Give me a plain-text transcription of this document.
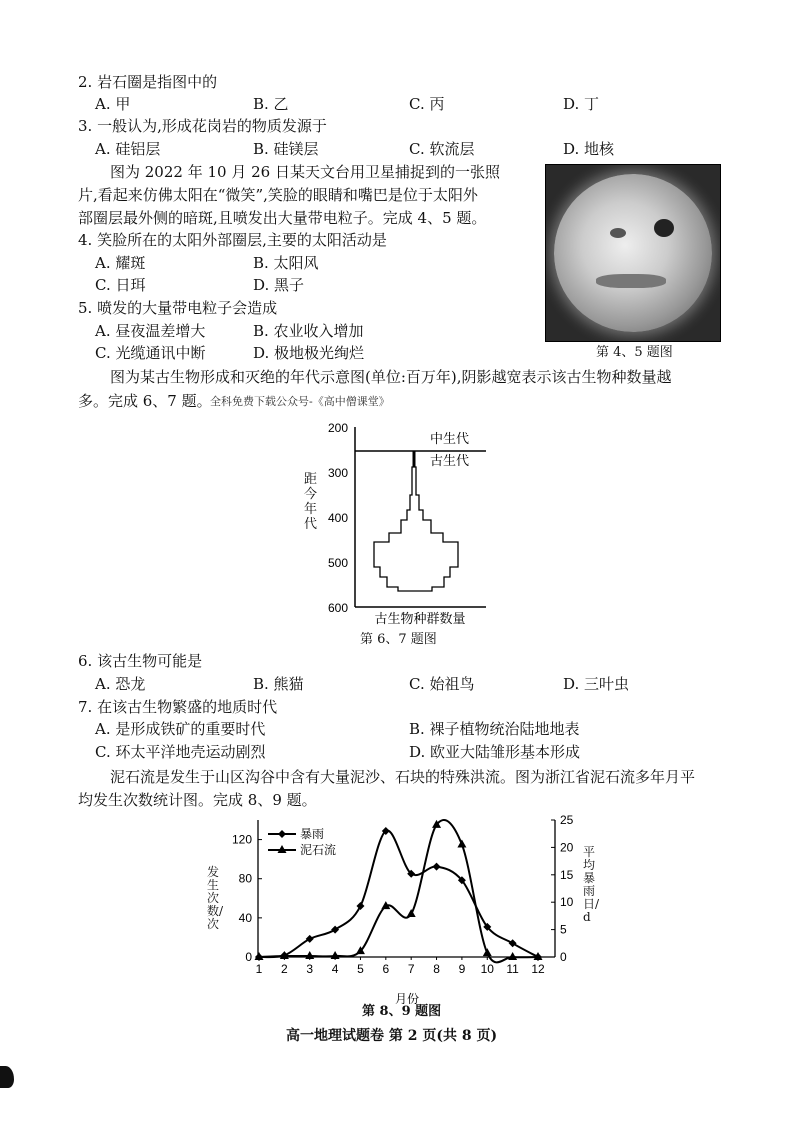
2. 岩石圈是指图中的
A. 甲	B. 乙	C. 丙	D. 丁
3. 一般认为,形成花岗岩的物质发源于
A. 硅铝层	B. 硅镁层	C. 软流层	D. 地核
图为 2022 年 10 月 26 日某天文台用卫星捕捉到的一张照
片,看起来仿佛太阳在“微笑”,笑脸的眼睛和嘴巴是位于太阳外
部圈层最外侧的暗斑,且喷发出大量带电粒子。完成 4、5 题。
第 4、5 题图
4. 笑脸所在的太阳外部圈层,主要的太阳活动是
A. 耀斑	B. 太阳风
C. 日珥	D. 黑子
5. 喷发的大量带电粒子会造成
A. 昼夜温差增大	B. 农业收入增加
C. 光缆通讯中断	D. 极地极光绚烂
图为某古生物形成和灭绝的年代示意图(单位:百万年),阴影越宽表示该古生物种数量越
多。完成 6、7 题。
全科免费下载公众号-《高中僧课堂》
200
300
400
500
600
中生代
古生代
古生物种群数量
距今年代
第 6、7 题图
6. 该古生物可能是
A. 恐龙	B. 熊猫	C. 始祖鸟	D. 三叶虫
7. 在该古生物繁盛的地质时代
A. 是形成铁矿的重要时代	B. 裸子植物统治陆地地表
C. 环太平洋地壳运动剧烈	D. 欧亚大陆雏形基本形成
泥石流是发生于山区沟谷中含有大量泥沙、石块的特殊洪流。图为浙江省泥石流多年月平
均发生次数统计图。完成 8、9 题。
0
40
80
120
0
5
10
15
20
25
1 2 3 4 5 6 7 8 9 10 11 12
暴雨
泥石流
月份
发生次数/次
平均暴雨日/d
第 8、9 题图
高一地理试题卷 第 2 页(共 8 页)
